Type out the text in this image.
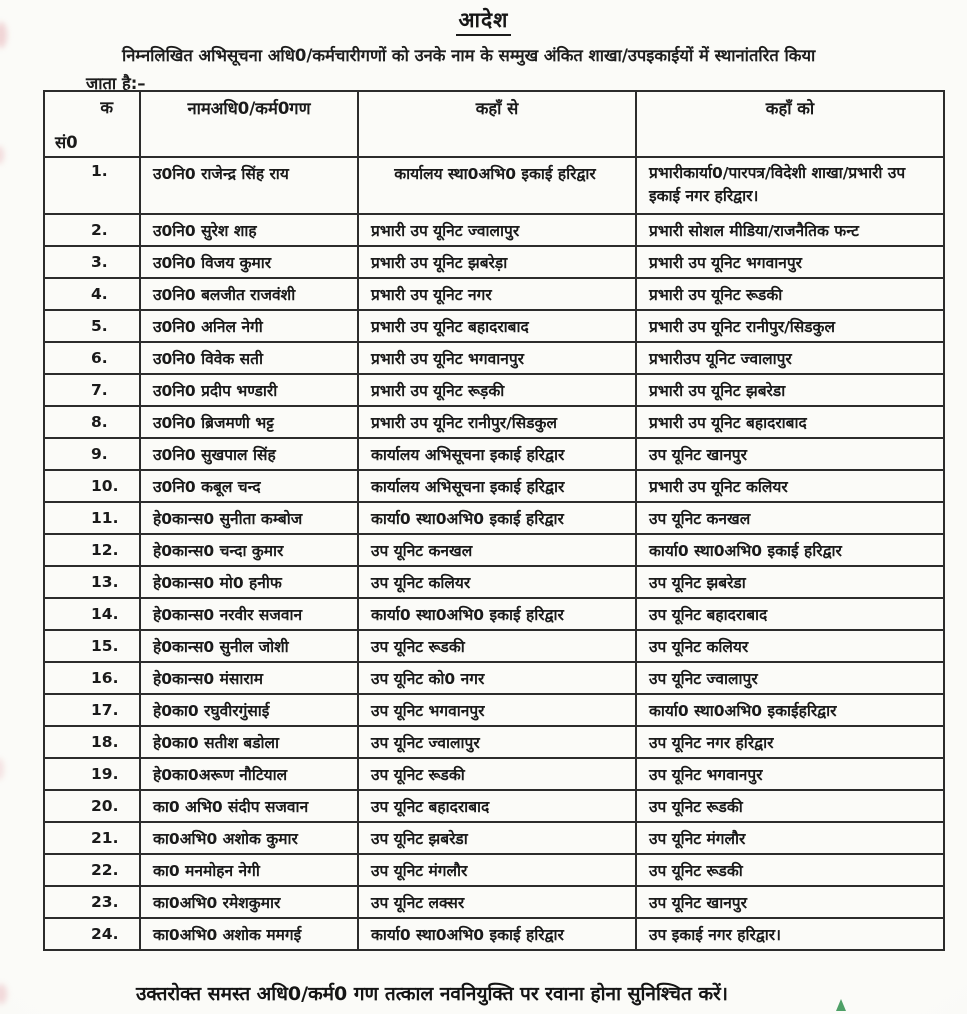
आदेश
निम्नलिखित अभिसूचना अधि0/कर्मचारीगणों को उनके नाम के सम्मुख अंकित शाखा/उपइकाईयों में स्थानांतरित किया
जाता है:–
क
सं0	नामअधि0/कर्म0गण	कहाँ से	कहाँ को
1.	उ0नि0 राजेन्द्र सिंह राय	कार्यालय स्था0अभि0 इकाई हरिद्वार	प्रभारीकार्या0/पारपत्र/विदेशी शाखा/प्रभारी उप इकाई नगर हरिद्वार।
2.	उ0नि0 सुरेश शाह	प्रभारी उप यूनिट ज्वालापुर	प्रभारी सोशल मीडिया/राजनैतिक फन्ट
3.	उ0नि0 विजय कुमार	प्रभारी उप यूनिट झबरेड़ा	प्रभारी उप यूनिट भगवानपुर
4.	उ0नि0 बलजीत राजवंशी	प्रभारी उप यूनिट नगर	प्रभारी उप यूनिट रूडकी
5.	उ0नि0 अनिल नेगी	प्रभारी उप यूनिट बहादराबाद	प्रभारी उप यूनिट रानीपुर/सिडकुल
6.	उ0नि0 विवेक सती	प्रभारी उप यूनिट भगवानपुर	प्रभारीउप यूनिट ज्वालापुर
7.	उ0नि0 प्रदीप भण्डारी	प्रभारी उप यूनिट रूड़की	प्रभारी उप यूनिट झबरेडा
8.	उ0नि0 ब्रिजमणी भट्ट	प्रभारी उप यूनिट रानीपुर/सिडकुल	प्रभारी उप यूनिट बहादराबाद
9.	उ0नि0 सुखपाल सिंह	कार्यालय अभिसूचना इकाई हरिद्वार	उप यूनिट खानपुर
10.	उ0नि0 कबूल चन्द	कार्यालय अभिसूचना इकाई हरिद्वार	प्रभारी उप यूनिट कलियर
11.	हे0कान्स0 सुनीता कम्बोज	कार्या0 स्था0अभि0 इकाई हरिद्वार	उप यूनिट कनखल
12.	हे0कान्स0 चन्दा कुमार	उप यूनिट कनखल	कार्या0 स्था0अभि0 इकाई हरिद्वार
13.	हे0कान्स0 मो0 हनीफ	उप यूनिट कलियर	उप यूनिट झबरेडा
14.	हे0कान्स0 नरवीर सजवान	कार्या0 स्था0अभि0 इकाई हरिद्वार	उप यूनिट बहादराबाद
15.	हे0कान्स0 सुनील जोशी	उप यूनिट रूडकी	उप यूनिट कलियर
16.	हे0कान्स0 मंसाराम	उप यूनिट को0 नगर	उप यूनिट ज्वालापुर
17.	हे0का0 रघुवीरगुंसाई	उप यूनिट भगवानपुर	कार्या0 स्था0अभि0 इकाईहरिद्वार
18.	हे0का0 सतीश बडोला	उप यूनिट ज्वालापुर	उप यूनिट नगर हरिद्वार
19.	हे0का0अरूण नौटियाल	उप यूनिट रूडकी	उप यूनिट भगवानपुर
20.	का0 अभि0 संदीप सजवान	उप यूनिट बहादराबाद	उप यूनिट रूडकी
21.	का0अभि0 अशोक कुमार	उप यूनिट झबरेडा	उप यूनिट मंगलौर
22.	का0 मनमोहन नेगी	उप यूनिट मंगलौर	उप यूनिट रूडकी
23.	का0अभि0 रमेशकुमार	उप यूनिट लक्सर	उप यूनिट खानपुर
24.	का0अभि0 अशोक ममगई	कार्या0 स्था0अभि0 इकाई हरिद्वार	उप इकाई नगर हरिद्वार।
उक्तरोक्त समस्त अधि0/कर्म0 गण तत्काल नवनियुक्ति पर रवाना होना सुनिश्चित करें।
